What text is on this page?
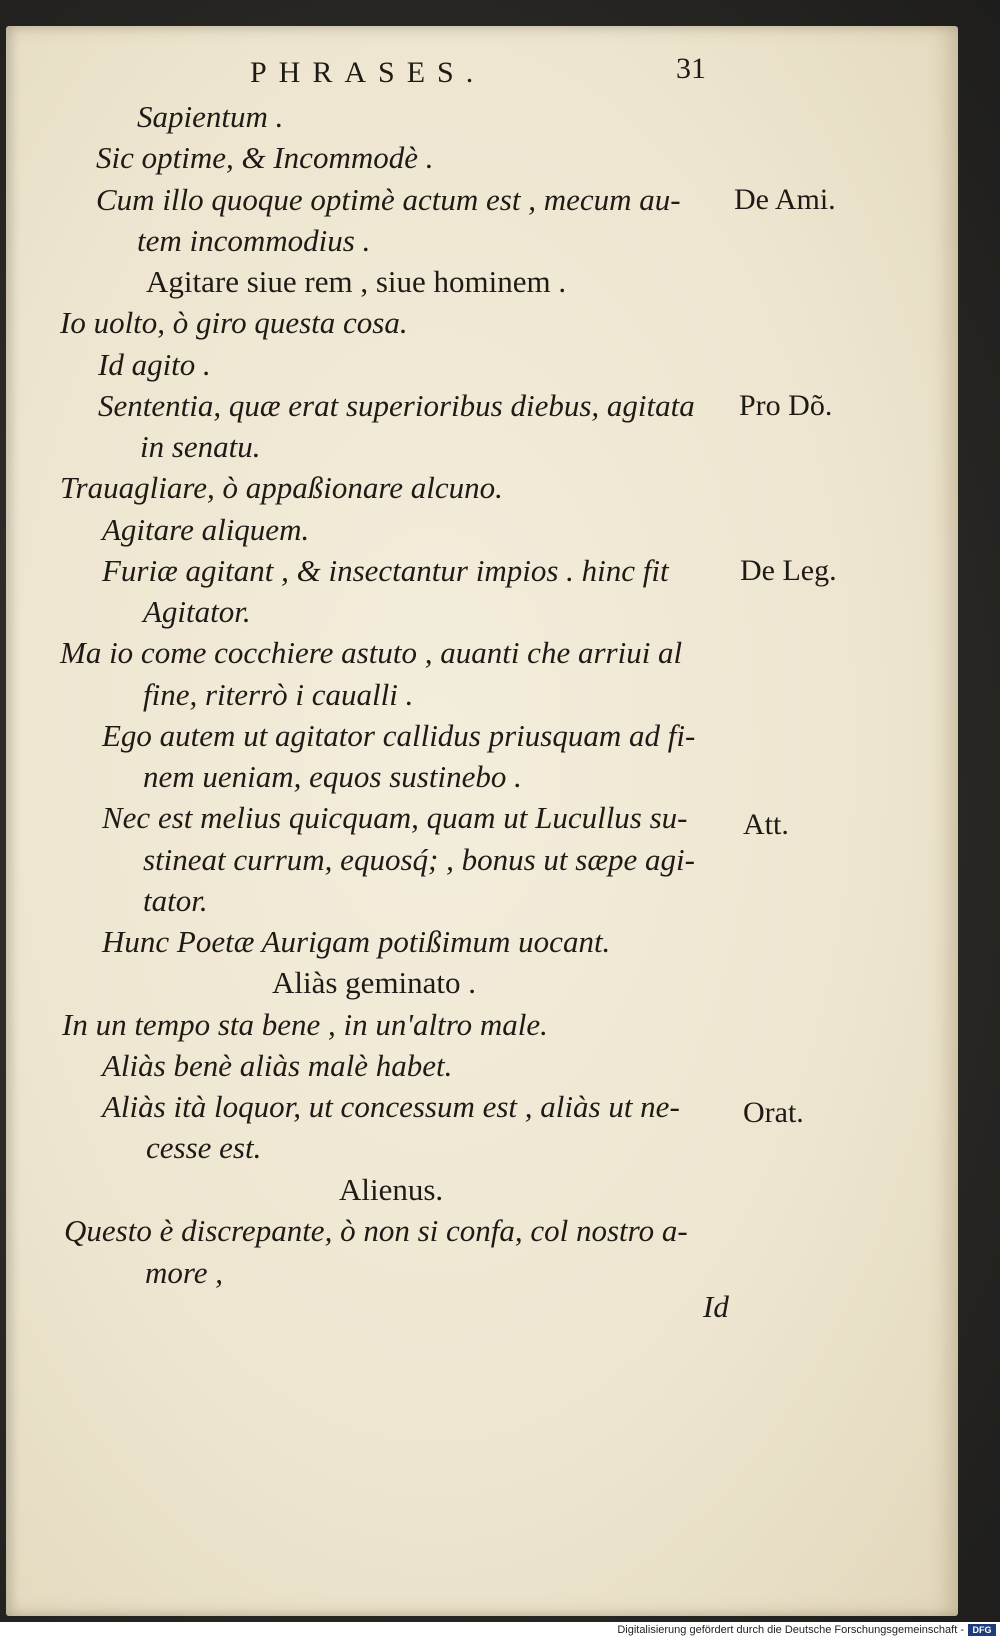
PHRASES.	31
Sapientum .
Sic optime, & Incommodè .
Cum illo quoque optimè actum est , mecum au-
tem incommodius .
Agitare siue rem , siue hominem .
Io uolto, ò giro questa cosa.
Id agito .
Sententia, quæ erat superioribus diebus, agitata
in senatu.
Trauagliare, ò appaßionare alcuno.
Agitare aliquem.
Furiæ agitant , & insectantur impios . hinc fit
Agitator.
Ma io come cocchiere astuto , auanti che arriui al
fine, riterrò i caualli .
Ego autem ut agitator callidus priusquam ad fi-
nem ueniam, equos sustinebo .
Nec est melius quicquam, quam ut Lucullus su-
stineat currum, equosq́; , bonus ut sæpe agi-
tator.
Hunc Poetæ Aurigam potißimum uocant.
Aliàs geminato .
In un tempo sta bene , in un'altro male.
Aliàs benè aliàs malè habet.
Aliàs ità loquor, ut concessum est , aliàs ut ne-
cesse est.
Alienus.
Questo è discrepante, ò non si confa, col nostro a-
more ,
Id
De Ami.
Pro Dõ.
De Leg.
Att.
Orat.
Digitalisierung gefördert durch die Deutsche Forschungsgemeinschaft - DFG
